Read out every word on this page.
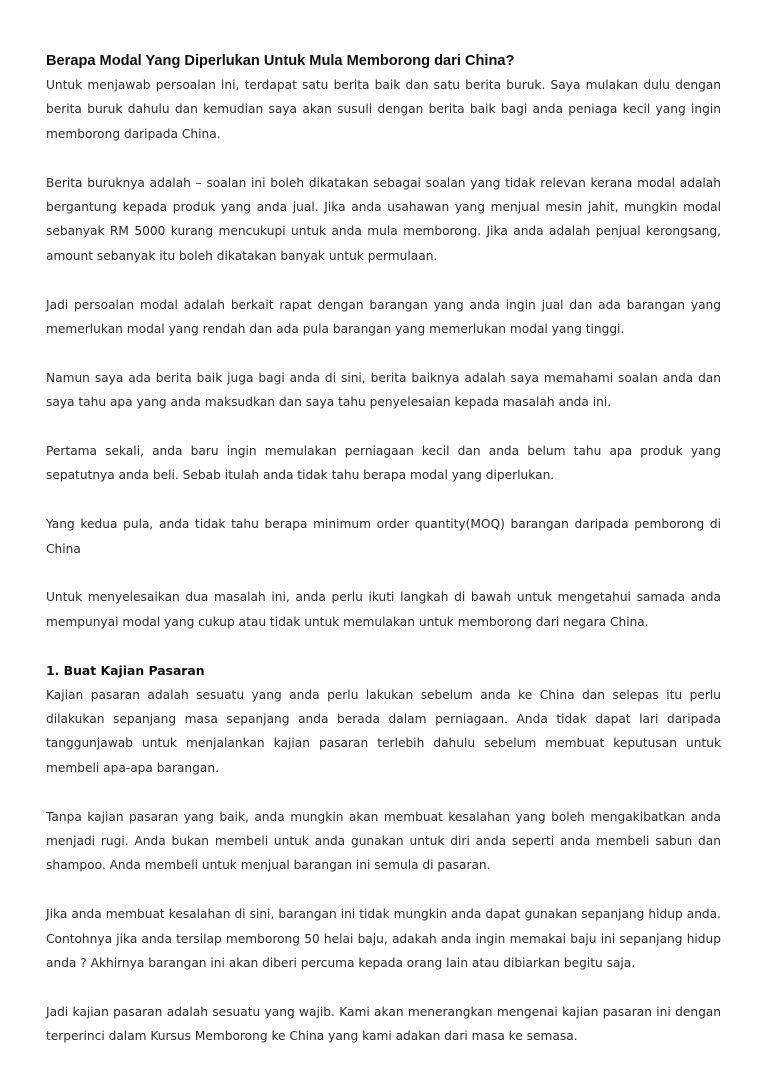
Berapa Modal Yang Diperlukan Untuk Mula Memborong dari China?

Untuk menjawab persoalan ini, terdapat satu berita baik dan satu berita buruk. Saya mulakan dulu dengan berita buruk dahulu dan kemudian saya akan susuli dengan berita baik bagi anda peniaga kecil yang ingin memborong daripada China.

Berita buruknya adalah – soalan ini boleh dikatakan sebagai soalan yang tidak relevan kerana modal adalah bergantung kepada produk yang anda jual. Jika anda usahawan yang menjual mesin jahit, mungkin modal sebanyak RM 5000 kurang mencukupi untuk anda mula memborong. Jika anda adalah penjual kerongsang, amount sebanyak itu boleh dikatakan banyak untuk permulaan.

Jadi persoalan modal adalah berkait rapat dengan barangan yang anda ingin jual dan ada barangan yang memerlukan modal yang rendah dan ada pula barangan yang memerlukan modal yang tinggi.

Namun saya ada berita baik juga bagi anda di sini, berita baiknya adalah saya memahami soalan anda dan saya tahu apa yang anda maksudkan dan saya tahu penyelesaian kepada masalah anda ini.

Pertama sekali, anda baru ingin memulakan perniagaan kecil dan anda belum tahu apa produk yang sepatutnya anda beli. Sebab itulah anda tidak tahu berapa modal yang diperlukan.

Yang kedua pula, anda tidak tahu berapa minimum order quantity(MOQ) barangan daripada pemborong di China

Untuk menyelesaikan dua masalah ini, anda perlu ikuti langkah di bawah untuk mengetahui samada anda mempunyai modal yang cukup atau tidak untuk memulakan untuk memborong dari negara China.

1. Buat Kajian Pasaran

Kajian pasaran adalah sesuatu yang anda perlu lakukan sebelum anda ke China dan selepas itu perlu dilakukan sepanjang masa sepanjang anda berada dalam perniagaan. Anda tidak dapat lari daripada tanggunjawab untuk menjalankan kajian pasaran terlebih dahulu sebelum membuat keputusan untuk membeli apa-apa barangan.

Tanpa kajian pasaran yang baik, anda mungkin akan membuat kesalahan yang boleh mengakibatkan anda menjadi rugi. Anda bukan membeli untuk anda gunakan untuk diri anda seperti anda membeli sabun dan shampoo. Anda membeli untuk menjual barangan ini semula di pasaran.

Jika anda membuat kesalahan di sini, barangan ini tidak mungkin anda dapat gunakan sepanjang hidup anda. Contohnya jika anda tersilap memborong 50 helai baju, adakah anda ingin memakai baju ini sepanjang hidup anda ? Akhirnya barangan ini akan diberi percuma kepada orang lain atau dibiarkan begitu saja.

Jadi kajian pasaran adalah sesuatu yang wajib. Kami akan menerangkan mengenai kajian pasaran ini dengan terperinci dalam Kursus Memborong ke China yang kami adakan dari masa ke semasa.
